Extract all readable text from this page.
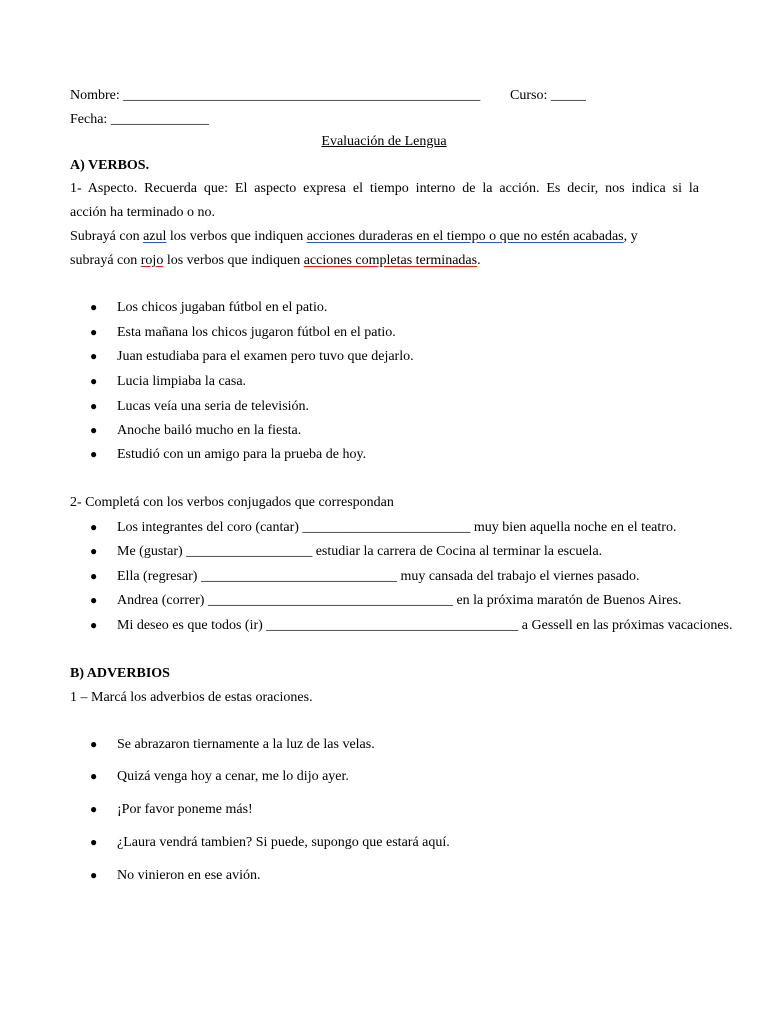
Nombre: ___________________________________________________ Curso: _____
Fecha: ______________
Evaluación de Lengua
A) VERBOS.
1- Aspecto. Recuerda que: El aspecto expresa el tiempo interno de la acción. Es decir, nos indica si la
acción ha terminado o no.
Subrayá con azul los verbos que indiquen acciones duraderas en el tiempo o que no estén acabadas, y
subrayá con rojo los verbos que indiquen acciones completas terminadas.
● Los chicos jugaban fútbol en el patio.
● Esta mañana los chicos jugaron fútbol en el patio.
● Juan estudiaba para el examen pero tuvo que dejarlo.
● Lucia limpiaba la casa.
● Lucas veía una seria de televisión.
● Anoche bailó mucho en la fiesta.
● Estudió con un amigo para la prueba de hoy.
2- Completá con los verbos conjugados que correspondan
● Los integrantes del coro (cantar) ________________________ muy bien aquella noche en el teatro.
● Me (gustar) __________________ estudiar la carrera de Cocina al terminar la escuela.
● Ella (regresar) ____________________________ muy cansada del trabajo el viernes pasado.
● Andrea (correr) ___________________________________ en la próxima maratón de Buenos Aires.
● Mi deseo es que todos (ir) ____________________________________ a Gessell en las próximas vacaciones.
B) ADVERBIOS
1 – Marcá los adverbios de estas oraciones.
● Se abrazaron tiernamente a la luz de las velas.
● Quizá venga hoy a cenar, me lo dijo ayer.
● ¡Por favor poneme más!
● ¿Laura vendrá tambien? Si puede, supongo que estará aquí.
● No vinieron en ese avión.
